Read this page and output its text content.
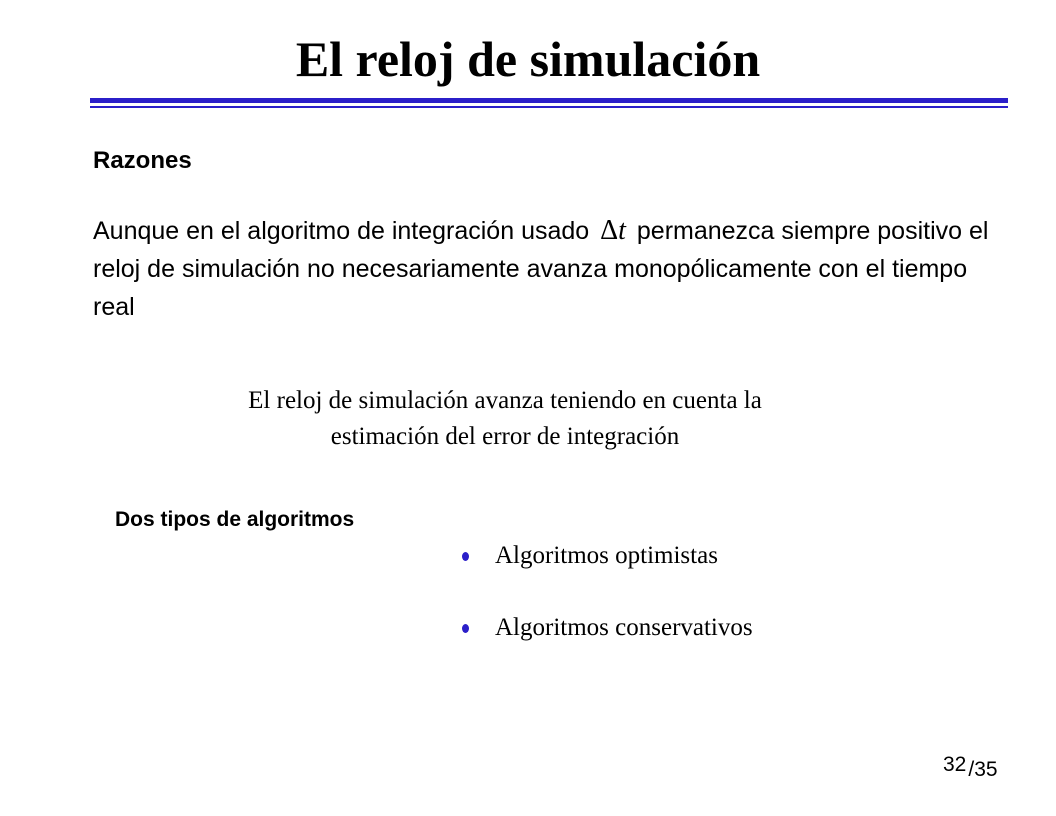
El reloj de simulación
Razones

Aunque en el algoritmo de integración usado Δt permanezca siempre positivo el reloj de simulación no necesariamente avanza monopólicamente con el tiempo real

El reloj de simulación avanza teniendo en cuenta la
estimación del error de integración

Dos tipos de algoritmos
Algoritmos optimistas
Algoritmos conservativos
32/35
